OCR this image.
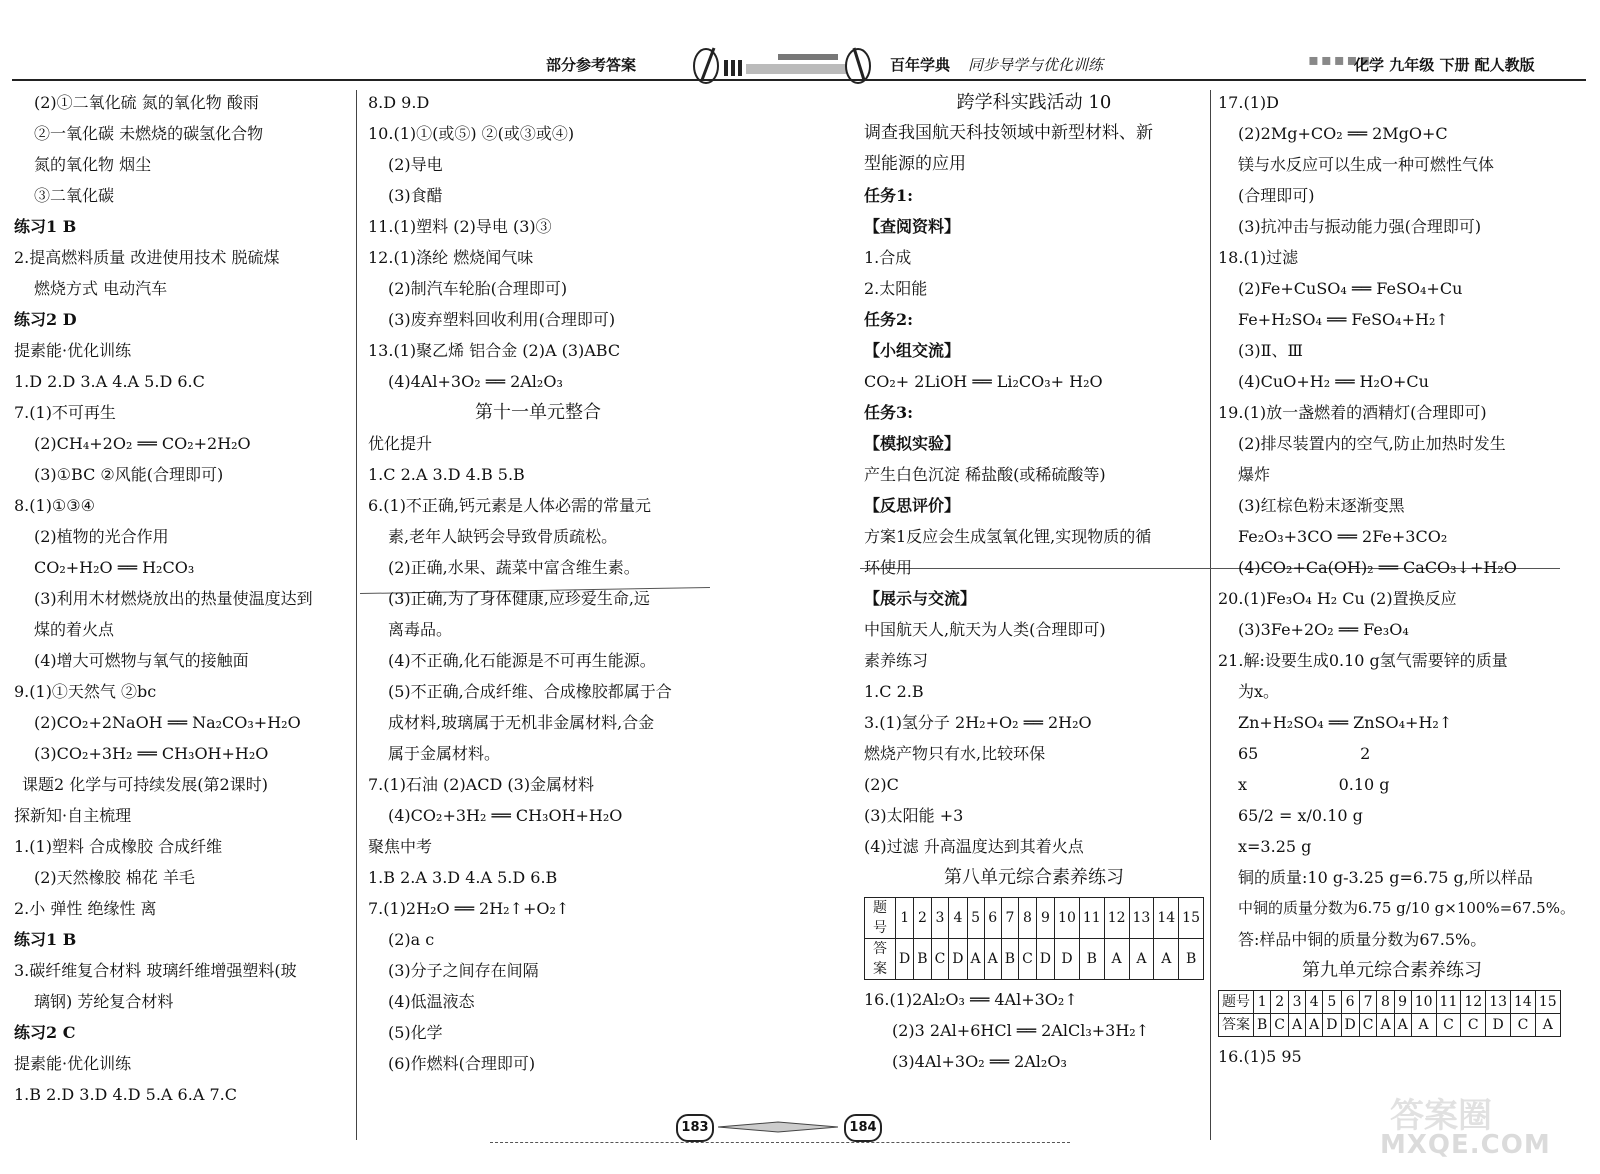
部分参考答案	百年学典 同步导学与优化训练	▪▪▪▪▪
化学 九年级 下册 配人教版
(2)①二氧化硫 氮的氧化物 酸雨
②一氧化碳 未燃烧的碳氢化合物
氮的氧化物 烟尘
③二氧化碳
练习1 B
2.提高燃料质量 改进使用技术 脱硫煤
燃烧方式 电动汽车
练习2 D
提素能·优化训练
1.D 2.D 3.A 4.A 5.D 6.C
7.(1)不可再生
(2)CH₄+2O₂ ══ CO₂+2H₂O
(3)①BC ②风能(合理即可)
8.(1)①③④
(2)植物的光合作用
CO₂+H₂O ══ H₂CO₃
(3)利用木材燃烧放出的热量使温度达到
煤的着火点
(4)增大可燃物与氧气的接触面
9.(1)①天然气 ②bc
(2)CO₂+2NaOH ══ Na₂CO₃+H₂O
(3)CO₂+3H₂ ══ CH₃OH+H₂O
课题2 化学与可持续发展(第2课时)
探新知·自主梳理
1.(1)塑料 合成橡胶 合成纤维
(2)天然橡胶 棉花 羊毛
2.小 弹性 绝缘性 离
练习1 B
3.碳纤维复合材料 玻璃纤维增强塑料(玻
璃钢) 芳纶复合材料
练习2 C
提素能·优化训练
1.B 2.D 3.D 4.D 5.A 6.A 7.C
8.D 9.D
10.(1)①(或⑤) ②(或③或④)
(2)导电
(3)食醋
11.(1)塑料 (2)导电 (3)③
12.(1)涤纶 燃烧闻气味
(2)制汽车轮胎(合理即可)
(3)废弃塑料回收利用(合理即可)
13.(1)聚乙烯 铝合金 (2)A (3)ABC
(4)4Al+3O₂ ══ 2Al₂O₃
第十一单元整合
优化提升
1.C 2.A 3.D 4.B 5.B
6.(1)不正确,钙元素是人体必需的常量元
素,老年人缺钙会导致骨质疏松。
(2)正确,水果、蔬菜中富含维生素。
(3)正确,为了身体健康,应珍爱生命,远
离毒品。
(4)不正确,化石能源是不可再生能源。
(5)不正确,合成纤维、合成橡胶都属于合
成材料,玻璃属于无机非金属材料,合金
属于金属材料。
7.(1)石油 (2)ACD (3)金属材料
(4)CO₂+3H₂ ══ CH₃OH+H₂O
聚焦中考
1.B 2.A 3.D 4.A 5.D 6.B
7.(1)2H₂O ══ 2H₂↑+O₂↑
(2)a c
(3)分子之间存在间隔
(4)低温液态
(5)化学
(6)作燃料(合理即可)
跨学科实践活动 10
调查我国航天科技领域中新型材料、新
型能源的应用
任务1:
【查阅资料】
1.合成
2.太阳能
任务2:
【小组交流】
CO₂+ 2LiOH ══ Li₂CO₃+ H₂O
任务3:
【模拟实验】
产生白色沉淀 稀盐酸(或稀硫酸等)
【反思评价】
方案1反应会生成氢氧化锂,实现物质的循
环使用
【展示与交流】
中国航天人,航天为人类(合理即可)
素养练习
1.C 2.B
3.(1)氢分子 2H₂+O₂ ══ 2H₂O
燃烧产物只有水,比较环保
(2)C
(3)太阳能 +3
(4)过滤 升高温度达到其着火点
第八单元综合素养练习
题号	1	2	3	4	5	6	7	8	9	10	11	12	13	14	15
答案	D	B	C	D	A	A	B	C	D	D	B	A	A	A	B
16.(1)2Al₂O₃ ══ 4Al+3O₂↑
(2)3 2Al+6HCl ══ 2AlCl₃+3H₂↑
(3)4Al+3O₂ ══ 2Al₂O₃
17.(1)D
(2)2Mg+CO₂ ══ 2MgO+C
镁与水反应可以生成一种可燃性气体
(合理即可)
(3)抗冲击与振动能力强(合理即可)
18.(1)过滤
(2)Fe+CuSO₄ ══ FeSO₄+Cu
Fe+H₂SO₄ ══ FeSO₄+H₂↑
(3)Ⅱ、Ⅲ
(4)CuO+H₂ ══ H₂O+Cu
19.(1)放一盏燃着的酒精灯(合理即可)
(2)排尽装置内的空气,防止加热时发生
爆炸
(3)红棕色粉末逐渐变黑
Fe₂O₃+3CO ══ 2Fe+3CO₂
(4)CO₂+Ca(OH)₂ ══ CaCO₃↓+H₂O
20.(1)Fe₃O₄ H₂ Cu (2)置换反应
(3)3Fe+2O₂ ══ Fe₃O₄
21.解:设要生成0.10 g氢气需要锌的质量
为x。
Zn+H₂SO₄ ══ ZnSO₄+H₂↑
65                    2
x                  0.10 g
65/2 = x/0.10 g
x=3.25 g
铜的质量:10 g-3.25 g=6.75 g,所以样品
中铜的质量分数为6.75 g/10 g×100%=67.5%。
答:样品中铜的质量分数为67.5%。
第九单元综合素养练习
题号	1	2	3	4	5	6	7	8	9	10	11	12	13	14	15
答案	B	C	A	A	D	D	C	A	A	A	C	C	D	C	A
16.(1)5 95
183	184	答案圈
MXQE.COM
